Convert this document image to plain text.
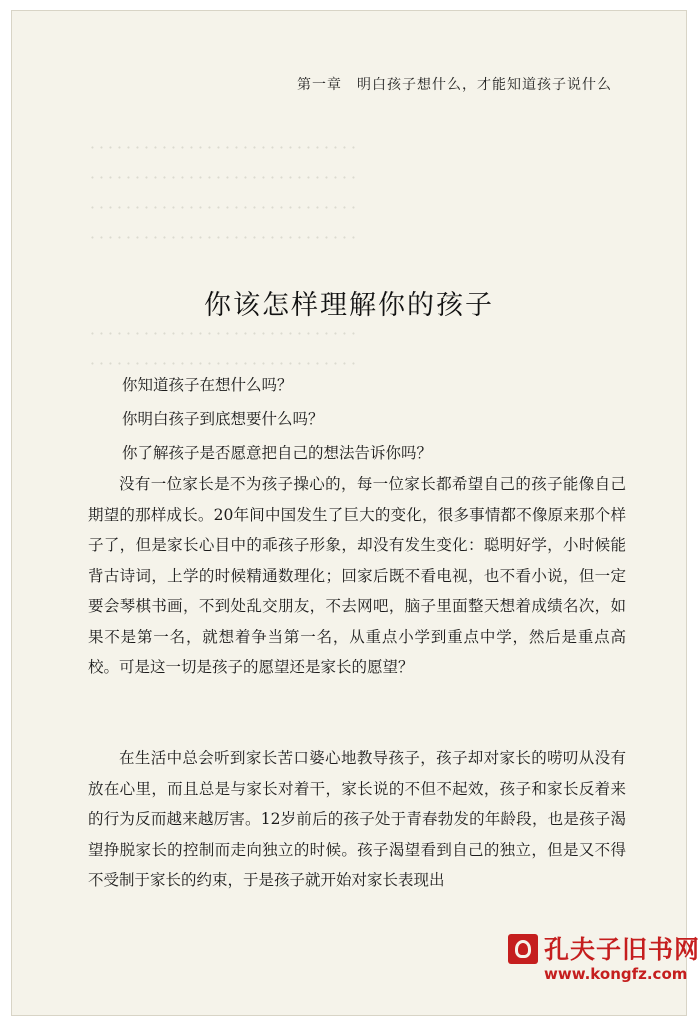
．．．．．．．．．．．．．．．．．．．．．．．．．．．．．．
．．．．．．．．．．．．．．．．．．．．．．．．．．．．．．
．．．．．．．．．．．．．．．．．．．．．．．．．．．．．．
．．．．．．．．．．．．．．．．．．．．．．．．．．．．．．
．．．．．．．．．．．．．．．．．．．．．．．．．．．．．．
．．．．．．．．．．．．．．．．．．．．．．．．．．．．．．
第一章　明白孩子想什么，才能知道孩子说什么
你该怎样理解你的孩子
你知道孩子在想什么吗？
你明白孩子到底想要什么吗？
你了解孩子是否愿意把自己的想法告诉你吗？

没有一位家长是不为孩子操心的，每一位家长都希望自己的孩子能像自己期望的那样成长。20年间中国发生了巨大的变化，很多事情都不像原来那个样子了，但是家长心目中的乖孩子形象，却没有发生变化：聪明好学，小时候能背古诗词，上学的时候精通数理化；回家后既不看电视，也不看小说，但一定要会琴棋书画，不到处乱交朋友，不去网吧，脑子里面整天想着成绩名次，如果不是第一名，就想着争当第一名，从重点小学到重点中学，然后是重点高校。可是这一切是孩子的愿望还是家长的愿望？

在生活中总会听到家长苦口婆心地教导孩子，孩子却对家长的唠叨从没有放在心里，而且总是与家长对着干，家长说的不但不起效，孩子和家长反着来的行为反而越来越厉害。12岁前后的孩子处于青春勃发的年龄段，也是孩子渴望挣脱家长的控制而走向独立的时候。孩子渴望看到自己的独立，但是又不得不受制于家长的约束，于是孩子就开始对家长表现出

孔夫子旧书网
www.kongfz.com
